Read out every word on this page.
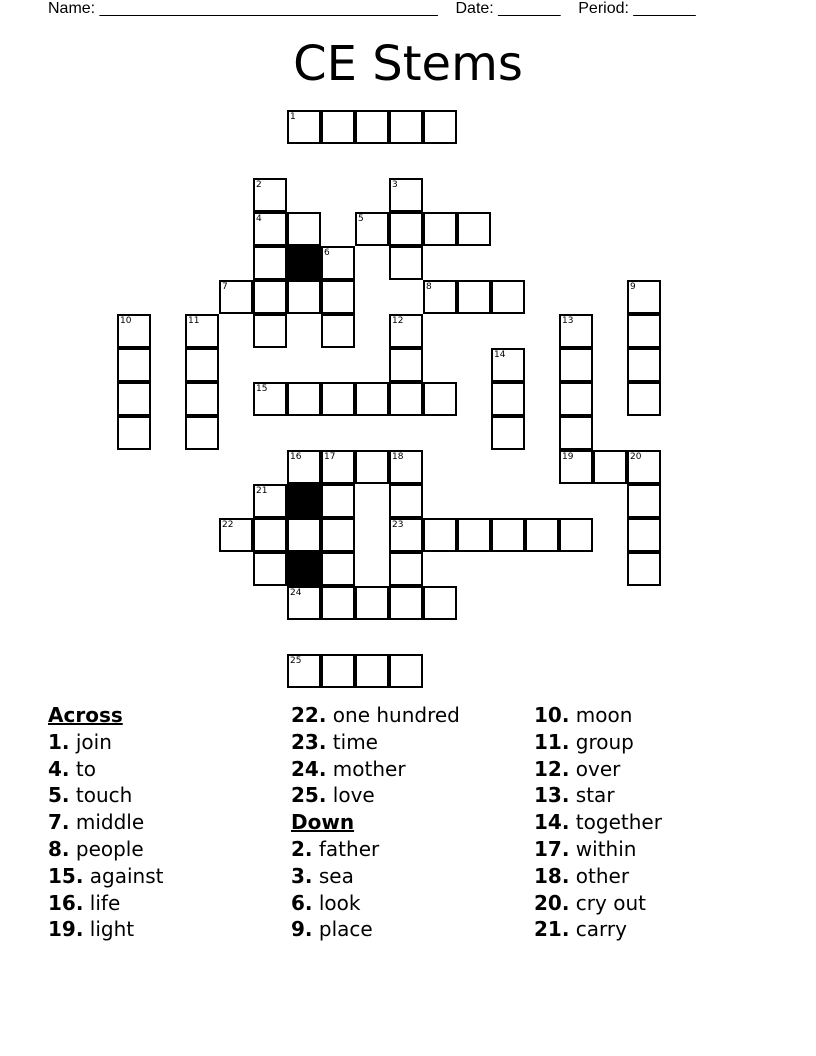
Name: ______________________________________    Date: _______    Period: _______
CE Stems
1
2	3
4	5
6
7	8	9
10	11	12	13
14
15
16	17	18	19	20
21
22	23
24
25
Across
1. join
4. to
5. touch
7. middle
8. people
15. against
16. life
19. light
22. one hundred
23. time
24. mother
25. love
Down
2. father
3. sea
6. look
9. place
10. moon
11. group
12. over
13. star
14. together
17. within
18. other
20. cry out
21. carry
